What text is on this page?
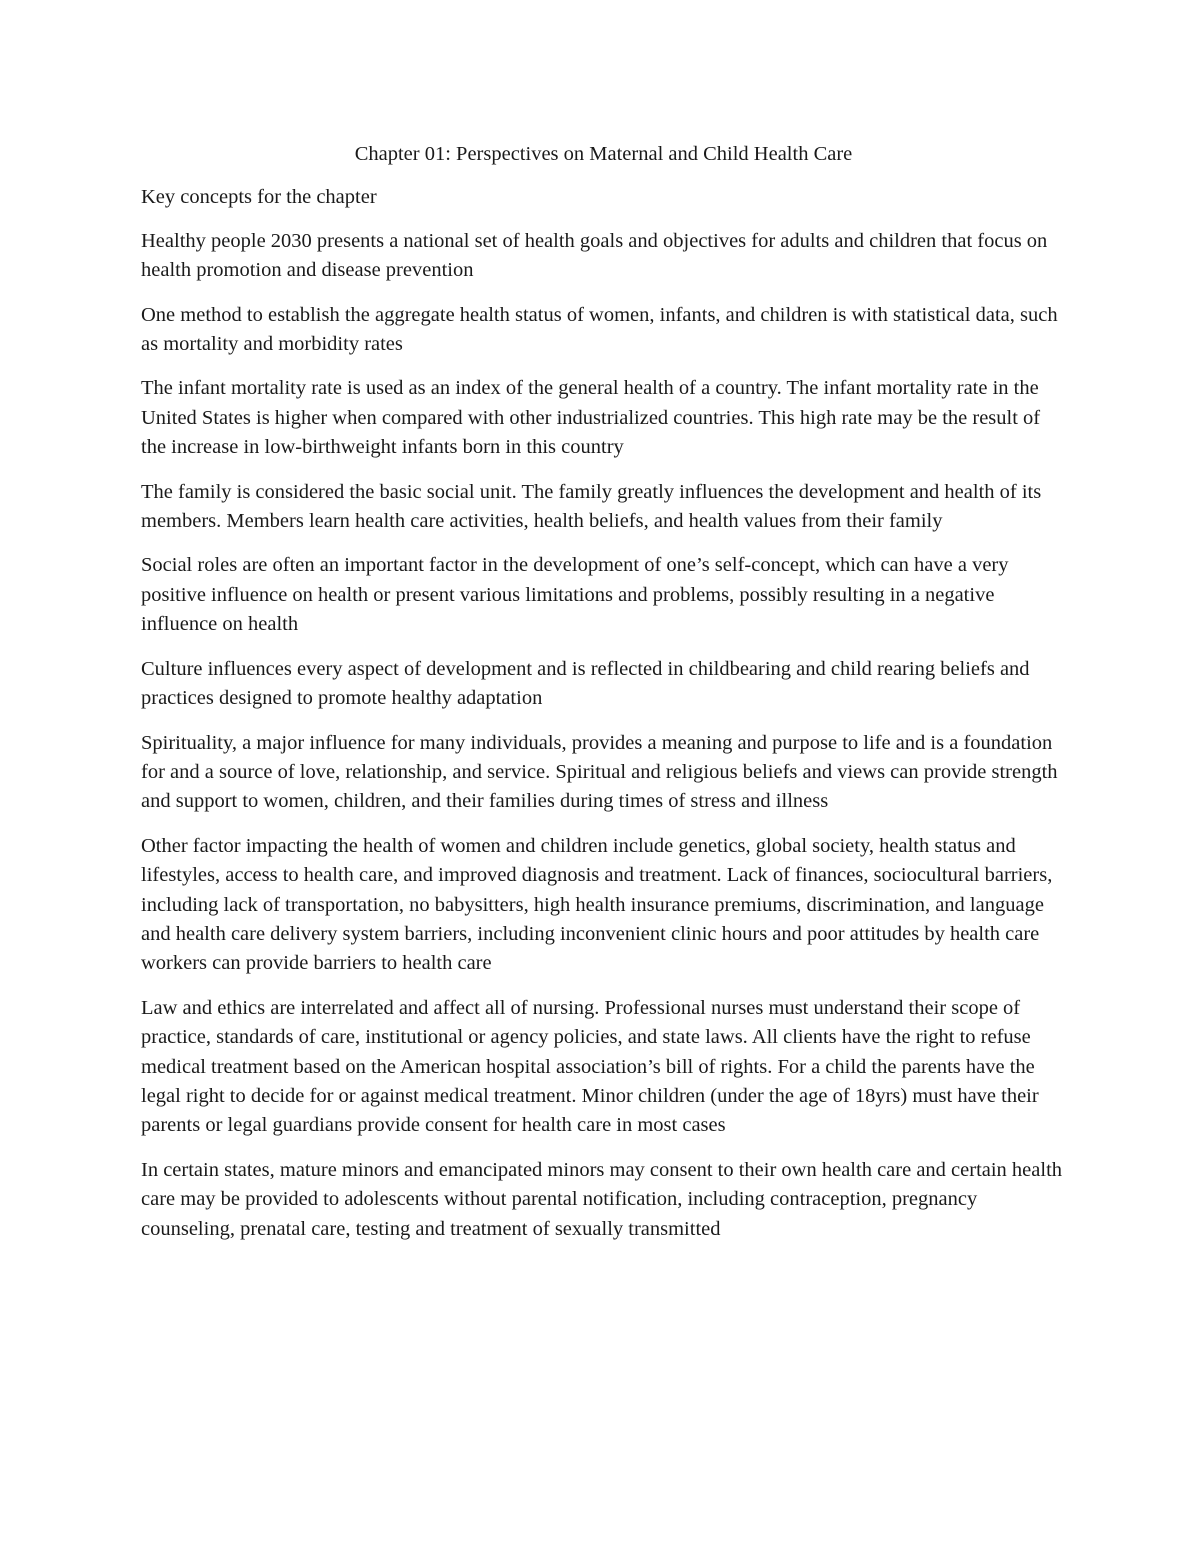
Chapter 01: Perspectives on Maternal and Child Health Care

Key concepts for the chapter

Healthy people 2030 presents a national set of health goals and objectives for adults and children that focus on health promotion and disease prevention

One method to establish the aggregate health status of women, infants, and children is with statistical data, such as mortality and morbidity rates

The infant mortality rate is used as an index of the general health of a country. The infant mortality rate in the United States is higher when compared with other industrialized countries. This high rate may be the result of the increase in low-birthweight infants born in this country

The family is considered the basic social unit. The family greatly influences the development and health of its members. Members learn health care activities, health beliefs, and health values from their family

Social roles are often an important factor in the development of one’s self-concept, which can have a very positive influence on health or present various limitations and problems, possibly resulting in a negative influence on health

Culture influences every aspect of development and is reflected in childbearing and child rearing beliefs and practices designed to promote healthy adaptation

Spirituality, a major influence for many individuals, provides a meaning and purpose to life and is a foundation for and a source of love, relationship, and service. Spiritual and religious beliefs and views can provide strength and support to women, children, and their families during times of stress and illness

Other factor impacting the health of women and children include genetics, global society, health status and lifestyles, access to health care, and improved diagnosis and treatment. Lack of finances, sociocultural barriers, including lack of transportation, no babysitters, high health insurance premiums, discrimination, and language and health care delivery system barriers, including inconvenient clinic hours and poor attitudes by health care workers can provide barriers to health care

Law and ethics are interrelated and affect all of nursing. Professional nurses must understand their scope of practice, standards of care, institutional or agency policies, and state laws. All clients have the right to refuse medical treatment based on the American hospital association’s bill of rights. For a child the parents have the legal right to decide for or against medical treatment. Minor children (under the age of 18yrs) must have their parents or legal guardians provide consent for health care in most cases

In certain states, mature minors and emancipated minors may consent to their own health care and certain health care may be provided to adolescents without parental notification, including contraception, pregnancy counseling, prenatal care, testing and treatment of sexually transmitted
